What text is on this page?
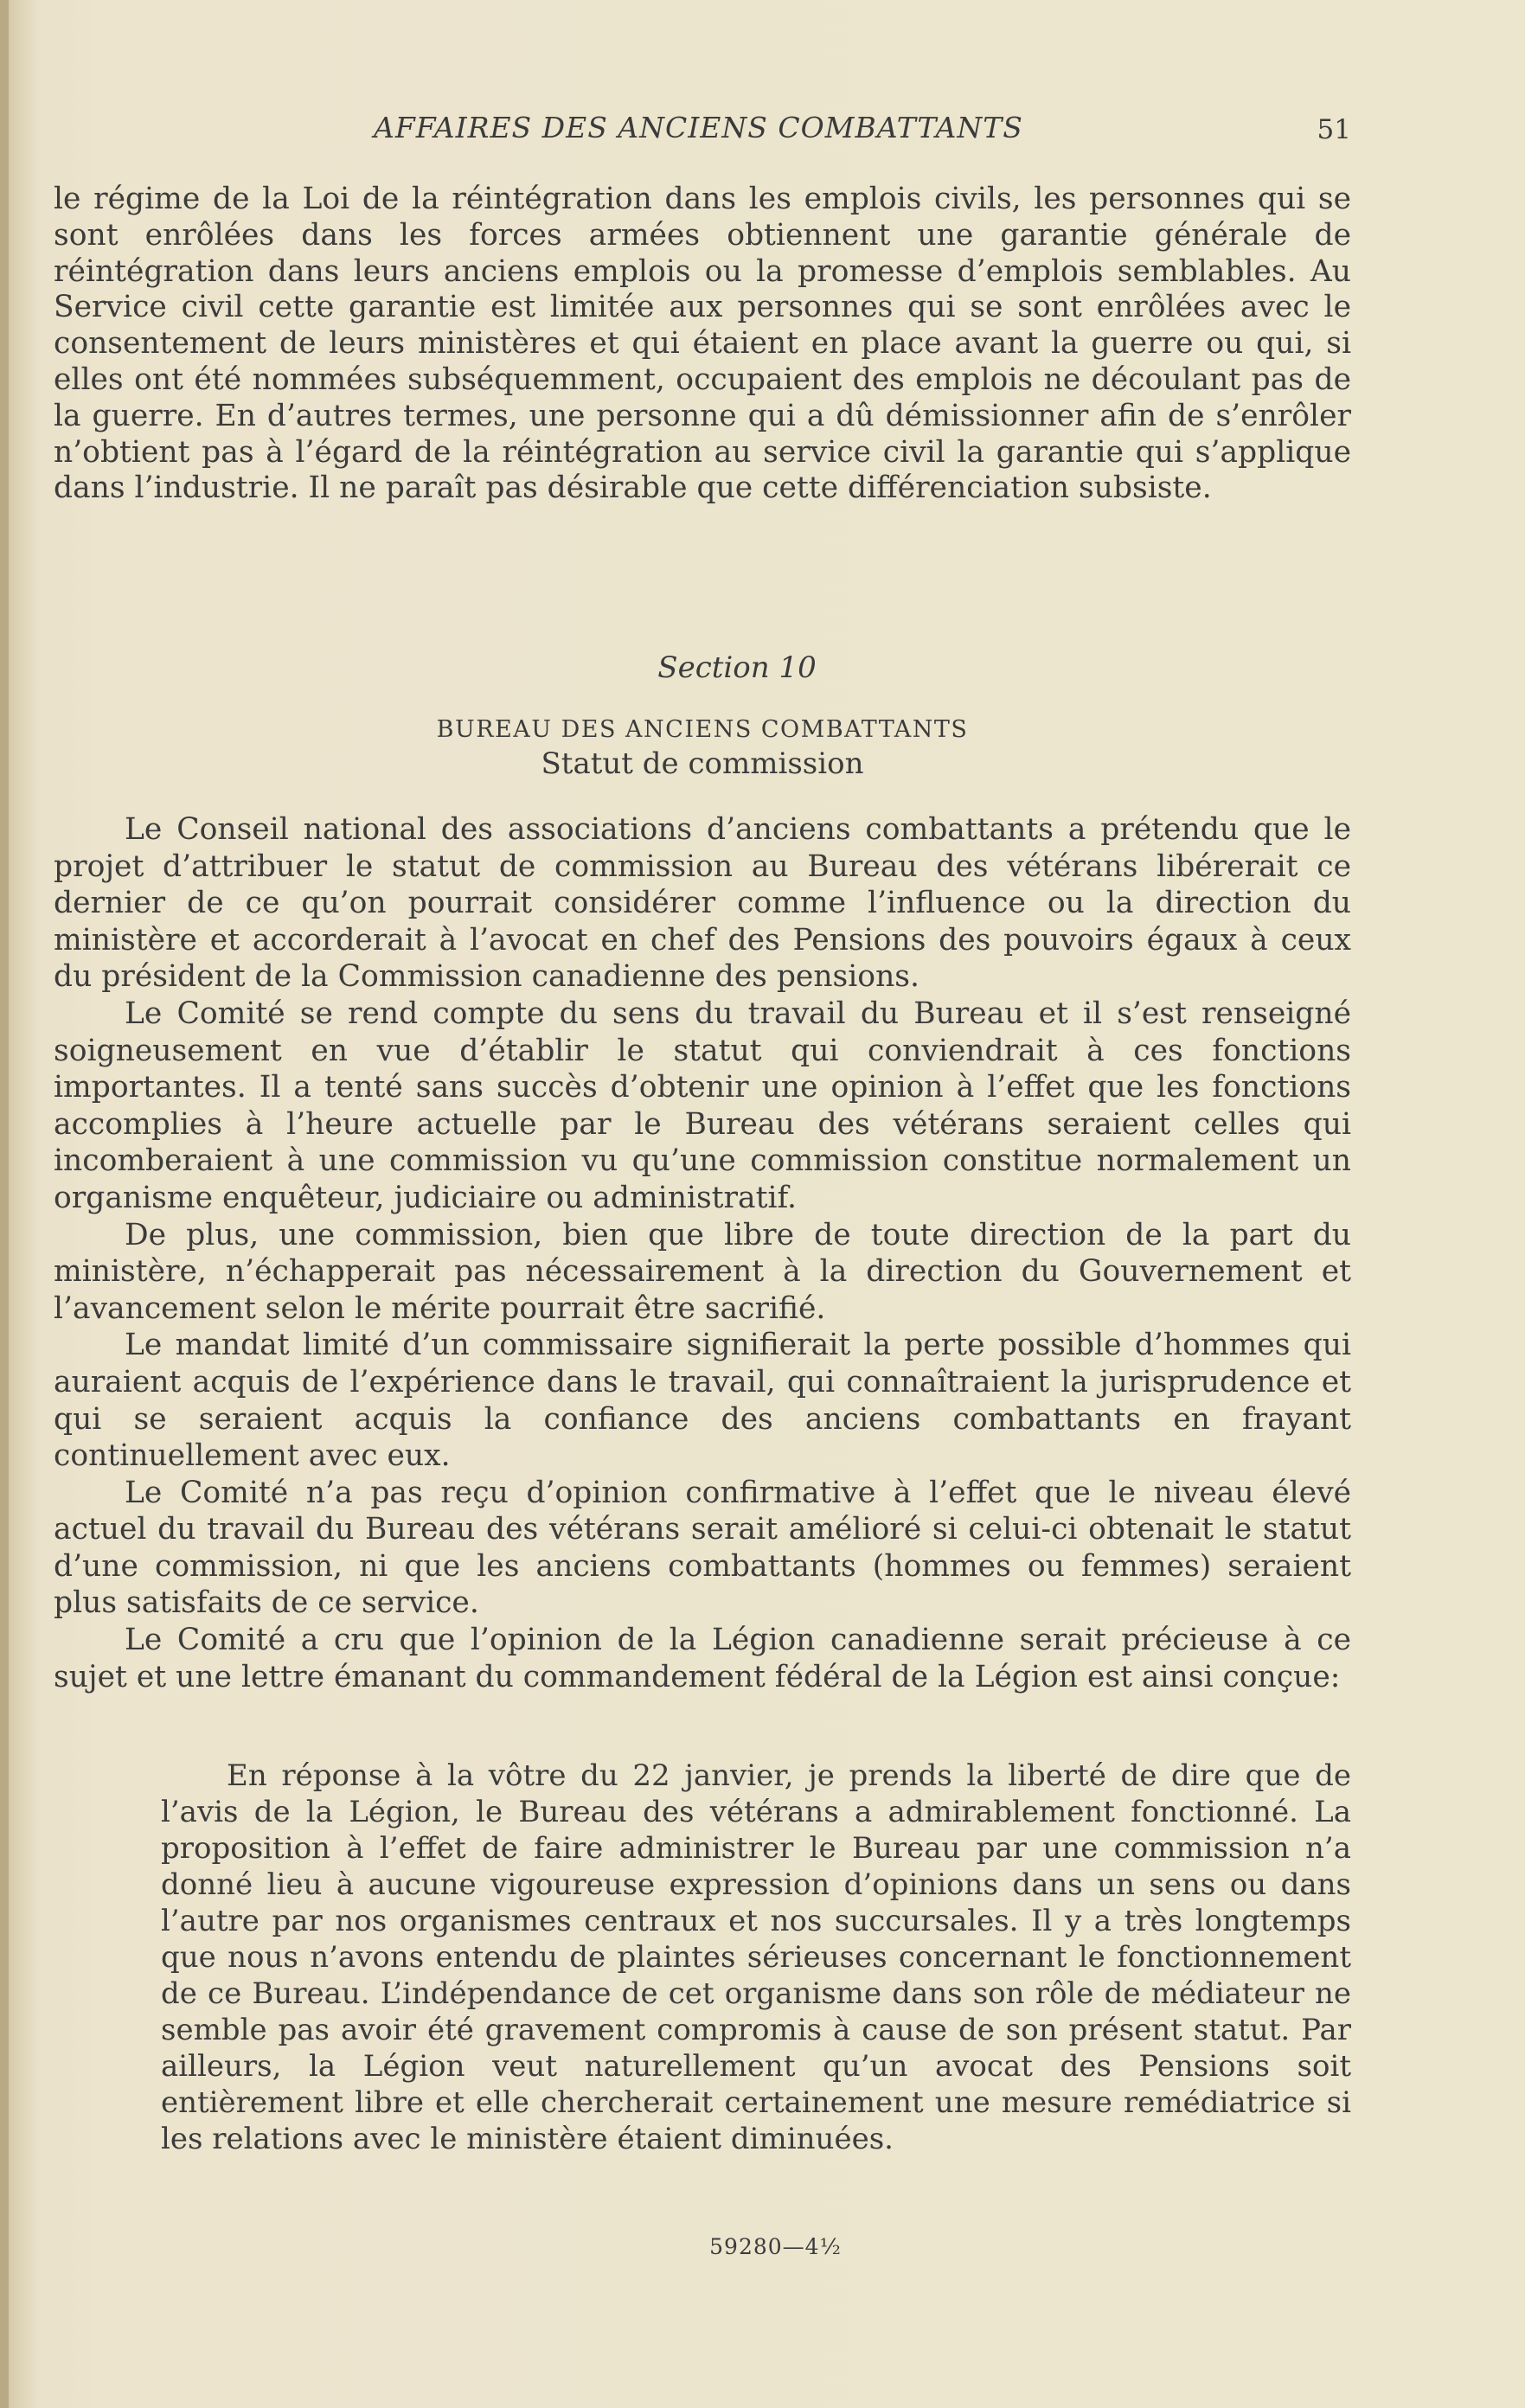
AFFAIRES DES ANCIENS COMBATTANTS	51

le régime de la Loi de la réintégration dans les emplois civils, les personnes qui se sont enrôlées dans les forces armées obtiennent une garantie générale de réintégration dans leurs anciens emplois ou la promesse d’emplois semblables. Au Service civil cette garantie est limitée aux personnes qui se sont enrôlées avec le consentement de leurs ministères et qui étaient en place avant la guerre ou qui, si elles ont été nommées subséquemment, occupaient des emplois ne découlant pas de la guerre. En d’autres termes, une personne qui a dû démissionner afin de s’enrôler n’obtient pas à l’égard de la réintégration au service civil la garantie qui s’applique dans l’industrie. Il ne paraît pas désirable que cette différenciation subsiste.

Section 10

BUREAU DES ANCIENS COMBATTANTS

Statut de commission

Le Conseil national des associations d’anciens combattants a prétendu que le projet d’attribuer le statut de commission au Bureau des vétérans libérerait ce dernier de ce qu’on pourrait considérer comme l’influence ou la direction du ministère et accorderait à l’avocat en chef des Pensions des pouvoirs égaux à ceux du président de la Commission canadienne des pensions.

Le Comité se rend compte du sens du travail du Bureau et il s’est renseigné soigneusement en vue d’établir le statut qui conviendrait à ces fonctions importantes. Il a tenté sans succès d’obtenir une opinion à l’effet que les fonctions accomplies à l’heure actuelle par le Bureau des vétérans seraient celles qui incomberaient à une commission vu qu’une commission constitue normalement un organisme enquêteur, judiciaire ou administratif.

De plus, une commission, bien que libre de toute direction de la part du ministère, n’échapperait pas nécessairement à la direction du Gouvernement et l’avancement selon le mérite pourrait être sacrifié.

Le mandat limité d’un commissaire signifierait la perte possible d’hommes qui auraient acquis de l’expérience dans le travail, qui connaîtraient la jurisprudence et qui se seraient acquis la confiance des anciens combattants en frayant continuellement avec eux.

Le Comité n’a pas reçu d’opinion confirmative à l’effet que le niveau élevé actuel du travail du Bureau des vétérans serait amélioré si celui-ci obtenait le statut d’une commission, ni que les anciens combattants (hommes ou femmes) seraient plus satisfaits de ce service.

Le Comité a cru que l’opinion de la Légion canadienne serait précieuse à ce sujet et une lettre émanant du commandement fédéral de la Légion est ainsi conçue:

En réponse à la vôtre du 22 janvier, je prends la liberté de dire que de l’avis de la Légion, le Bureau des vétérans a admirablement fonctionné. La proposition à l’effet de faire administrer le Bureau par une commission n’a donné lieu à aucune vigoureuse expression d’opinions dans un sens ou dans l’autre par nos organismes centraux et nos succursales. Il y a très longtemps que nous n’avons entendu de plaintes sérieuses concernant le fonctionnement de ce Bureau. L’indépendance de cet organisme dans son rôle de médiateur ne semble pas avoir été gravement compromis à cause de son présent statut. Par ailleurs, la Légion veut naturellement qu’un avocat des Pensions soit entièrement libre et elle chercherait certainement une mesure remédiatrice si les relations avec le ministère étaient diminuées.

59280—4½
